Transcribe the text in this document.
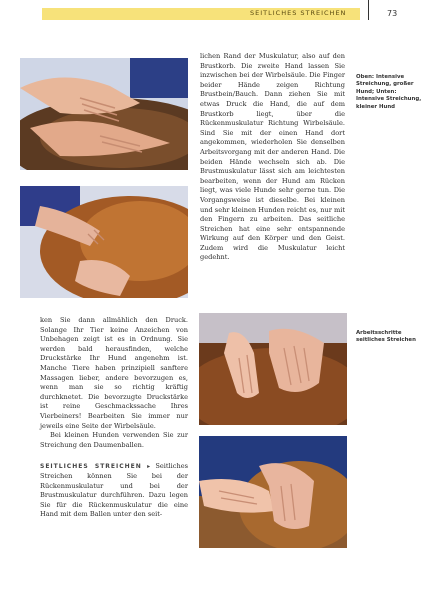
SEITLICHES STREICHEN	73

lichen Rand der Muskulatur, also auf den Brustkorb. Die zweite Hand lassen Sie inzwischen bei der Wirbelsäule. Die Finger beider Hände zeigen Richtung Brustbein/Bauch. Dann ziehen Sie mit etwas Druck die Hand, die auf dem Brustkorb liegt, über die Rückenmuskulatur Richtung Wirbelsäule. Sind Sie mit der einen Hand dort angekommen, wiederholen Sie denselben Arbeitsvorgang mit der anderen Hand. Die beiden Hände wechseln sich ab. Die Brustmuskulatur lässt sich am leichtesten bearbeiten, wenn der Hund am Rücken liegt, was viele Hunde sehr gerne tun. Die Vorgangsweise ist dieselbe. Bei kleinen und sehr kleinen Hunden reicht es, nur mit den Fingern zu arbeiten. Das seitliche Streichen hat eine sehr entspannende Wirkung auf den Körper und den Geist. Zudem wird die Muskulatur leicht gedehnt.

Oben: Intensive Streichung, großer Hund; Unten: Intensive Streichung, kleiner Hund

ken Sie dann allmählich den Druck. Solange Ihr Tier keine Anzeichen von Unbehagen zeigt ist es in Ordnung. Sie werden bald herausfinden, welche Druckstärke Ihr Hund angenehm ist. Manche Tiere haben prinzipiell sanftere Massagen lieber, andere bevorzugen es, wenn man sie so richtig kräftig durchknetet. Die bevorzugte Druckstärke ist reine Geschmackssache Ihres Vierbeiners! Bearbeiten Sie immer nur jeweils eine Seite der Wirbelsäule.

Bei kleinen Hunden verwenden Sie zur Streichung den Daumenballen.

SEITLICHES STREICHEN ▸ Seitliches Streichen können Sie bei der Rückenmuskulatur und bei der Brustmuskulatur durchführen. Dazu legen Sie für die Rückenmuskulatur die eine Hand mit dem Ballen unter den seit-

Arbeitsschritte seitliches Streichen
